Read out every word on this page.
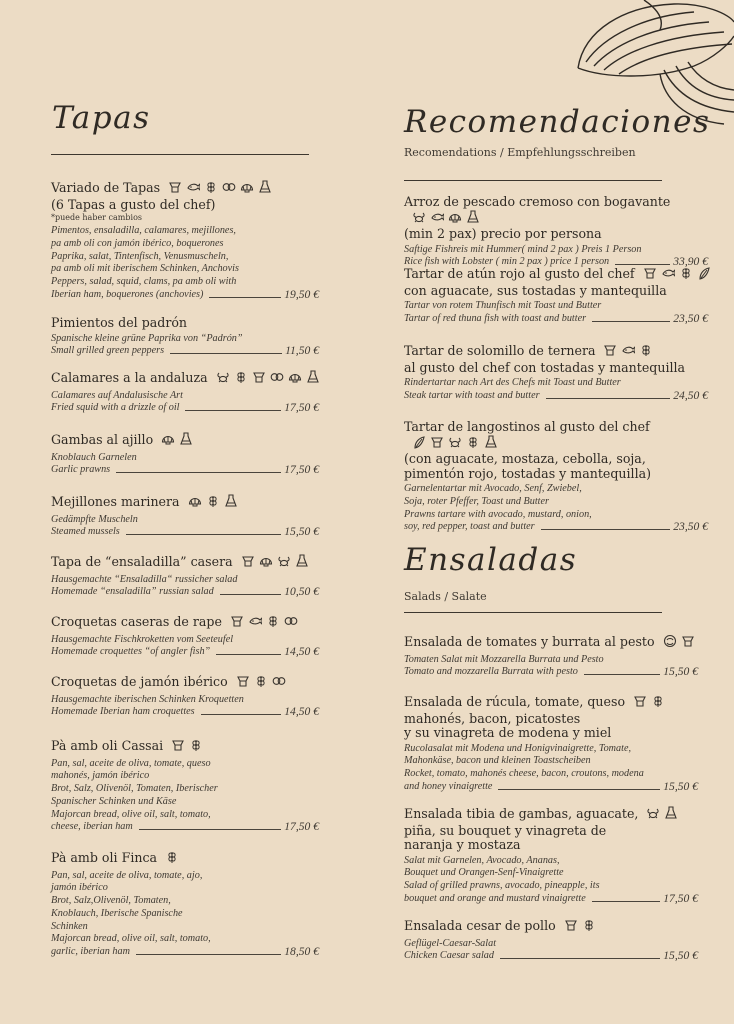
Tapas
Variado de Tapas
(6 Tapas a gusto del chef)
*puede haber cambios
Pimentos, ensaladilla, calamares, mejillones,
pa amb oli con jamón ibérico, boquerones
Paprika, salat, Tintenfisch, Venusmuscheln,
pa amb oli mit iberischem Schinken, Anchovis
Peppers, salad, squid, clams, pa amb oli with
Iberian ham, boquerones (anchovies)	19,50 €
Pimientos del padrón
Spanische kleine grüne Paprika von “Padrón”
Small grilled green peppers	11,50 €
Calamares a la andaluza
Calamares auf Andalusische Art
Fried squid with a drizzle of oil	17,50 €
Gambas al ajillo
Knoblauch Garnelen
Garlic prawns	17,50 €
Mejillones marinera
Gedämpfte Muscheln
Steamed mussels	15,50 €
Tapa de “ensaladilla” casera
Hausgemachte “Ensaladilla“ russicher salad
Homemade “ensaladilla” russian salad	10,50 €
Croquetas caseras de rape
Hausgemachte Fischkroketten vom Seeteufel
Homemade croquettes “of angler fish”	14,50 €
Croquetas de jamón ibérico
Hausgemachte iberischen Schinken Kroquetten
Homemade Iberian ham croquettes	14,50 €
Pà amb oli Cassai
Pan, sal, aceite de oliva, tomate, queso
mahonés, jamón ibérico
Brot, Salz, Olivenöl, Tomaten, Iberischer
Spanischer Schinken und Käse
Majorcan bread, olive oil, salt, tomato,
cheese, iberian ham	17,50 €
Pà amb oli Finca
Pan, sal, aceite de oliva, tomate, ajo,
jamón ibérico
Brot, Salz,Olivenöl, Tomaten,
Knoblauch, Iberische Spanische
Schinken
Majorcan bread, olive oil, salt, tomato,
garlic, iberian ham	18,50 €
Recomendaciones
Recomendations / Empfehlungsschreiben
Arroz de pescado cremoso con bogavante
(min 2 pax) precio por persona
Saftige Fishreis mit Hummer( mind 2 pax ) Preis 1 Person
Rice fish with Lobster ( min 2 pax ) price 1 person	33,90 €
Tartar de atún rojo al gusto del chef
con aguacate, sus tostadas y mantequilla
Tartar von rotem Thunfisch mit Toast und Butter
Tartar of red thuna fish with toast and butter	23,50 €
Tartar de solomillo de ternera
al gusto del chef con tostadas y mantequilla
Rindertartar nach Art des Chefs mit Toast und Butter
Steak tartar with toast and butter	24,50 €
Tartar de langostinos al gusto del chef
(con aguacate, mostaza, cebolla, soja,
pimentón rojo, tostadas y mantequilla)
Garnelentartar mit Avocado, Senf, Zwiebel,
Soja, roter Pfeffer, Toast und Butter
Prawns tartare with avocado, mustard, onion,
soy, red pepper, toast and butter	23,50 €
Ensaladas
Salads / Salate
Ensalada de tomates y burrata al pesto
Tomaten Salat mit Mozzarella Burrata und Pesto
Tomato and mozzarella Burrata with pesto	15,50 €
Ensalada de rúcula, tomate, queso
mahonés, bacon, picatostes
y su vinagreta de modena y miel
Rucolasalat mit Modena und Honigvinaigrette, Tomate,
Mahonkäse, bacon und kleinen Toastscheiben
Rocket, tomato, mahonés cheese, bacon, croutons, modena
and honey vinaigrette	15,50 €
Ensalada tibia de gambas, aguacate,
piña, su bouquet y vinagreta de
naranja y mostaza
Salat mit Garnelen, Avocado, Ananas,
Bouquet und Orangen-Senf-Vinaigrette
Salad of grilled prawns, avocado, pineapple, its
bouquet and orange and mustard vinaigrette	17,50 €
Ensalada cesar de pollo
Geflügel-Caesar-Salat
Chicken Caesar salad	15,50 €
